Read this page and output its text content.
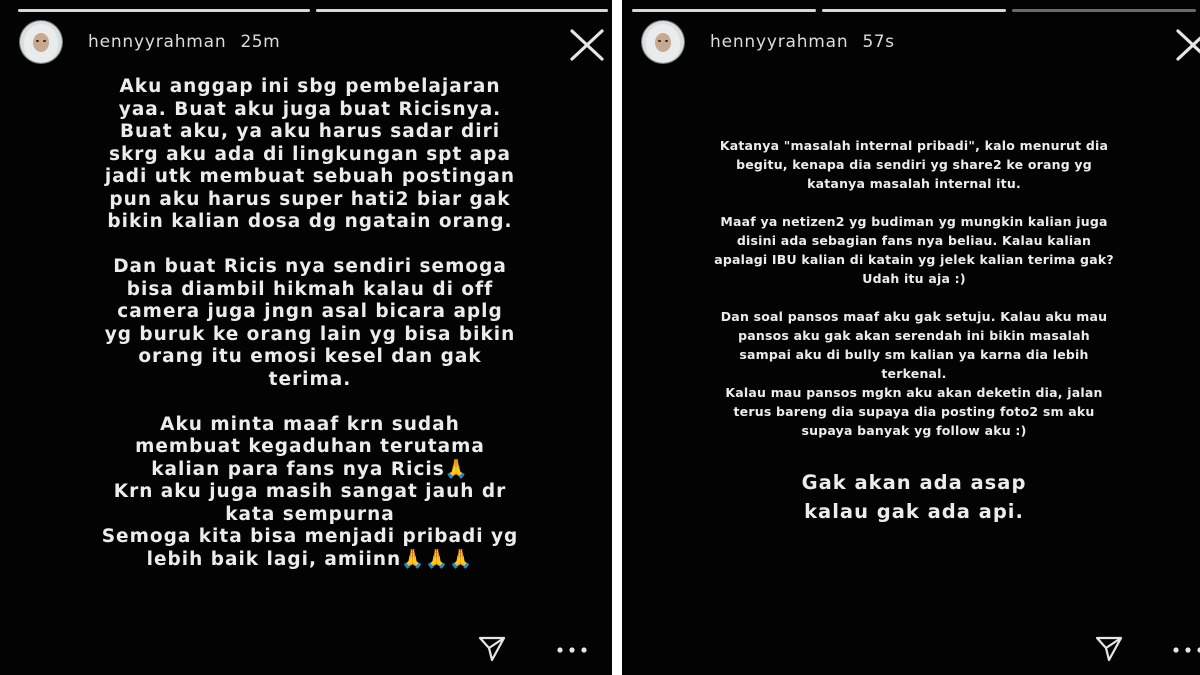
hennyyrahman 25m
Aku anggap ini sbg pembelajaran
yaa. Buat aku juga buat Ricisnya.
Buat aku, ya aku harus sadar diri
skrg aku ada di lingkungan spt apa
jadi utk membuat sebuah postingan
pun aku harus super hati2 biar gak
bikin kalian dosa dg ngatain orang.

Dan buat Ricis nya sendiri semoga
bisa diambil hikmah kalau di off
camera juga jngn asal bicara aplg
yg buruk ke orang lain yg bisa bikin
orang itu emosi kesel dan gak
terima.

Aku minta maaf krn sudah
membuat kegaduhan terutama
kalian para fans nya Ricis🙏
Krn aku juga masih sangat jauh dr
kata sempurna
Semoga kita bisa menjadi pribadi yg
lebih baik lagi, amiinn🙏🙏🙏
hennyyrahman 57s
Katanya "masalah internal pribadi", kalo menurut dia
begitu, kenapa dia sendiri yg share2 ke orang yg
katanya masalah internal itu.

Maaf ya netizen2 yg budiman yg mungkin kalian juga
disini ada sebagian fans nya beliau. Kalau kalian
apalagi IBU kalian di katain yg jelek kalian terima gak?
Udah itu aja :)

Dan soal pansos maaf aku gak setuju. Kalau aku mau
pansos aku gak akan serendah ini bikin masalah
sampai aku di bully sm kalian ya karna dia lebih
terkenal.
Kalau mau pansos mgkn aku akan deketin dia, jalan
terus bareng dia supaya dia posting foto2 sm aku
supaya banyak yg follow aku :)
Gak akan ada asap
kalau gak ada api.
